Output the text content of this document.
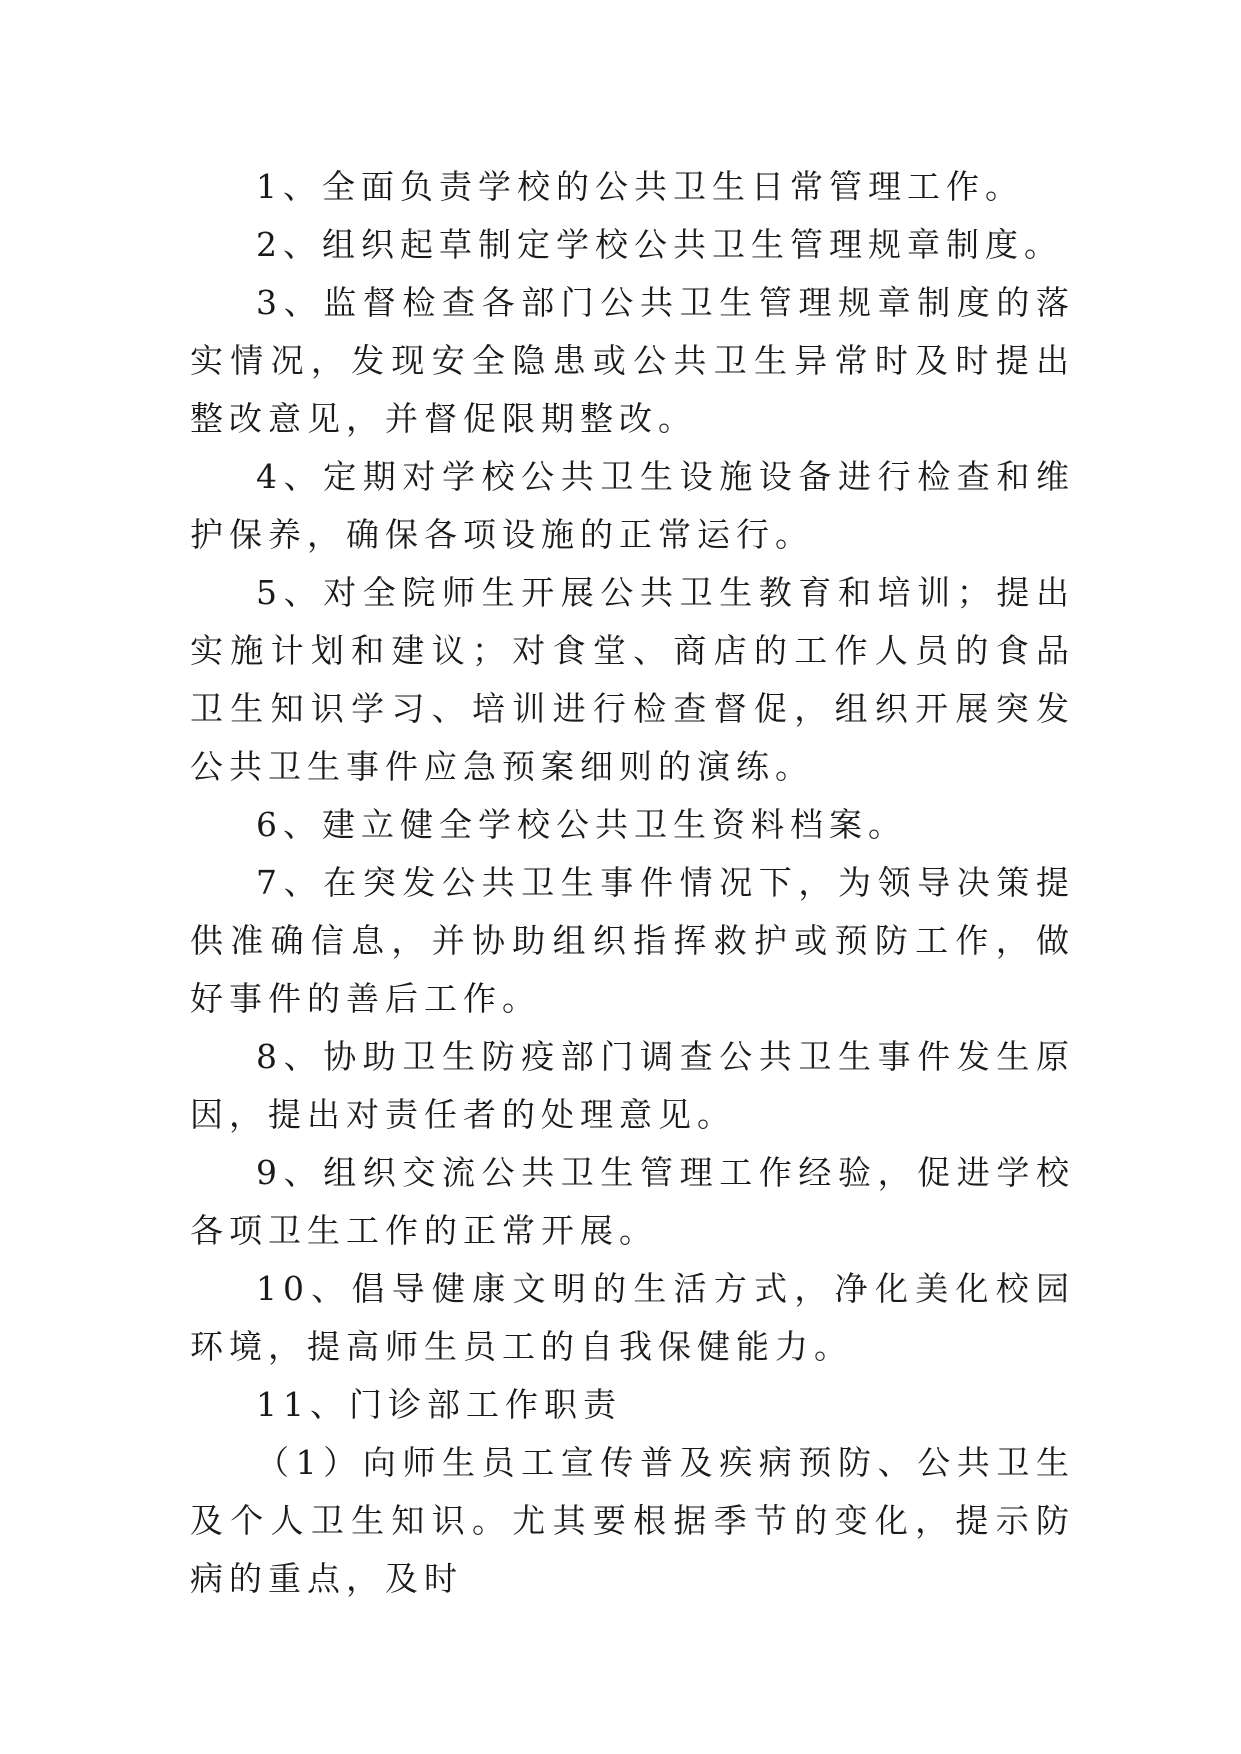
1、全面负责学校的公共卫生日常管理工作。

2、组织起草制定学校公共卫生管理规章制度。

3、监督检查各部门公共卫生管理规章制度的落实情况，发现安全隐患或公共卫生异常时及时提出整改意见，并督促限期整改。

4、定期对学校公共卫生设施设备进行检查和维护保养，确保各项设施的正常运行。

5、对全院师生开展公共卫生教育和培训；提出实施计划和建议；对食堂、商店的工作人员的食品卫生知识学习、培训进行检查督促，组织开展突发公共卫生事件应急预案细则的演练。

6、建立健全学校公共卫生资料档案。

7、在突发公共卫生事件情况下，为领导决策提供准确信息，并协助组织指挥救护或预防工作，做好事件的善后工作。

8、协助卫生防疫部门调查公共卫生事件发生原因，提出对责任者的处理意见。

9、组织交流公共卫生管理工作经验，促进学校各项卫生工作的正常开展。

10、倡导健康文明的生活方式，净化美化校园环境，提高师生员工的自我保健能力。

11、门诊部工作职责

（1）向师生员工宣传普及疾病预防、公共卫生及个人卫生知识。尤其要根据季节的变化，提示防病的重点，及时
